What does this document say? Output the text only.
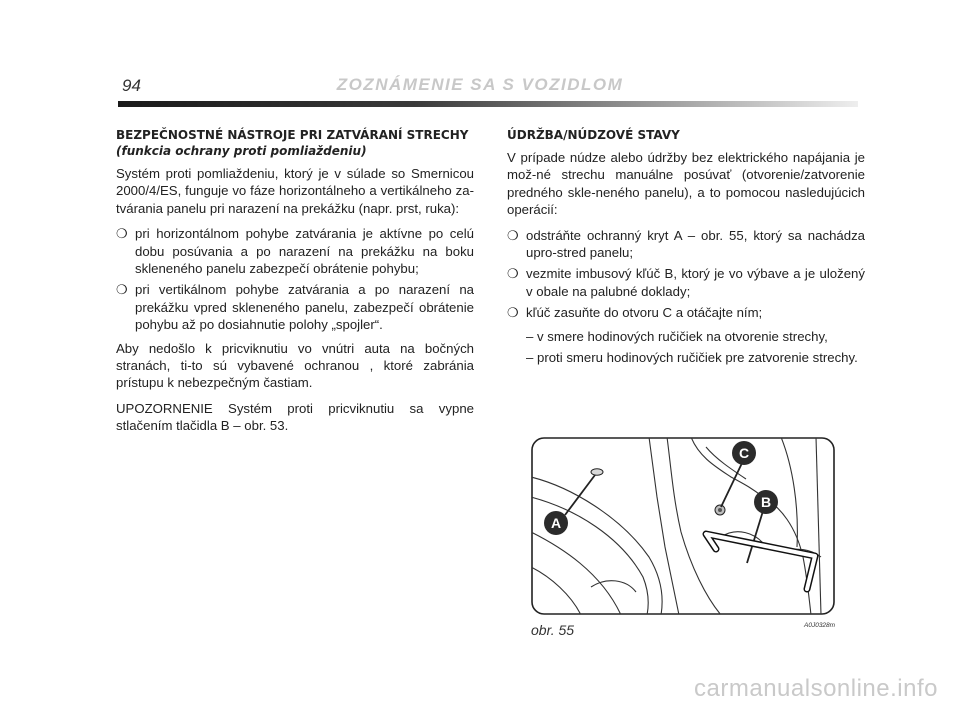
94	ZOZNÁMENIE SA S VOZIDLOM
BEZPEČNOSTNÉ NÁSTROJE PRI ZATVÁRANÍ STRECHY
(funkcia ochrany proti pomliaždeniu)

Systém proti pomliaždeniu, ktorý je v súlade so Smernicou 2000/4/ES, funguje vo fáze horizontálneho a vertikálneho za-tvárania panelu pri narazení na prekážku (napr. prst, ruka):

❍ pri horizontálnom pohybe zatvárania je aktívne po celú dobu posúvania a po narazení na prekážku na boku skleneného panelu zabezpečí obrátenie pohybu;
❍ pri vertikálnom pohybe zatvárania a po narazení na prekážku vpred skleneného panelu, zabezpečí obrátenie pohybu až po dosiahnutie polohy „spojler“.

Aby nedošlo k pricviknutiu vo vnútri auta na bočných stranách, ti-to sú vybavené ochranou , ktoré zabránia prístupu k nebezpečným častiam.

UPOZORNENIE Systém proti pricviknutiu sa vypne stlačením tlačidla B – obr. 53.

ÚDRŽBA/NÚDZOVÉ STAVY

V prípade núdze alebo údržby bez elektrického napájania je mož-né strechu manuálne posúvať (otvorenie/zatvorenie predného skle-neného panelu), a to pomocou nasledujúcich operácií:

❍ odstráňte ochranný kryt A – obr. 55, ktorý sa nachádza upro-stred panelu;
❍ vezmite imbusový kľúč B, ktorý je vo výbave a je uložený v obale na palubné doklady;
❍ kľúč zasuňte do otvoru C a otáčajte ním;
– v smere hodinových ručičiek na otvorenie strechy,
– proti smeru hodinových ručičiek pre zatvorenie strechy.
A
B
C
obr. 55	A0J0328m
carmanualsonline.info
